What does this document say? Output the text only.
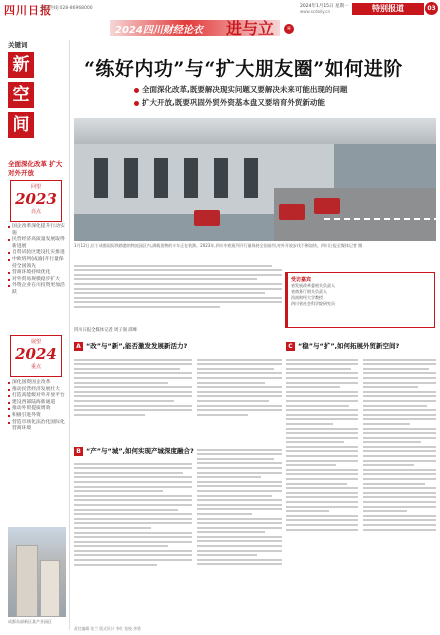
四川日报
刊登热线:028-86968000	2024年1月15日 星期一
www.scdaily.cn	特别报道	03
2024四川财经论衣 进与立	④
关键词
新
空
间
全面深化改革 扩大对外开放
回望
2023
亮点
国企改革深化提升行动实施
民营经济高质量发展取得新进展
自贸试验区建设扎实推进
中欧班列(成渝)开行量保持全国领先
营商环境持续优化
对外贸易规模稳步扩大
外资企业在川投资更加活跃
展望
2024
重点
深化国资国企改革
推动民营经济发展壮大
打造高能级对外开放平台
建设西部陆海新通道
推动外贸提质增效
积极引进外资
营造市场化法治化国际化营商环境
成都东部新区某产业园区
“练好内功”与“扩大朋友圈”如何进阶
全面深化改革,既要解决现实问题又要解决未来可能出现的问题
扩大开放,既要巩固外贸外资基本盘又要培育外贸新动能
1月12日,位于成都国际铁路港的物流园区内,满载货物的卡车正在装卸。2023年,四川中欧班列开行量保持全国前列,对外开放步伐不断加快。四川日报全媒体记者 摄
四川日报全媒体记者 周子润 邱峰
受访嘉宾
省发展改革委相关负责人
省商务厅相关负责人
西南财经大学教授
四川省社会科学院研究员
A “改”与“新”,能否激发发展新活力?
B “产”与“城”,如何实现产城深度融合?
C “稳”与“扩”,如何拓展外贸新空间?
责任编辑 张兰 版式设计 李红 检校 余勇
